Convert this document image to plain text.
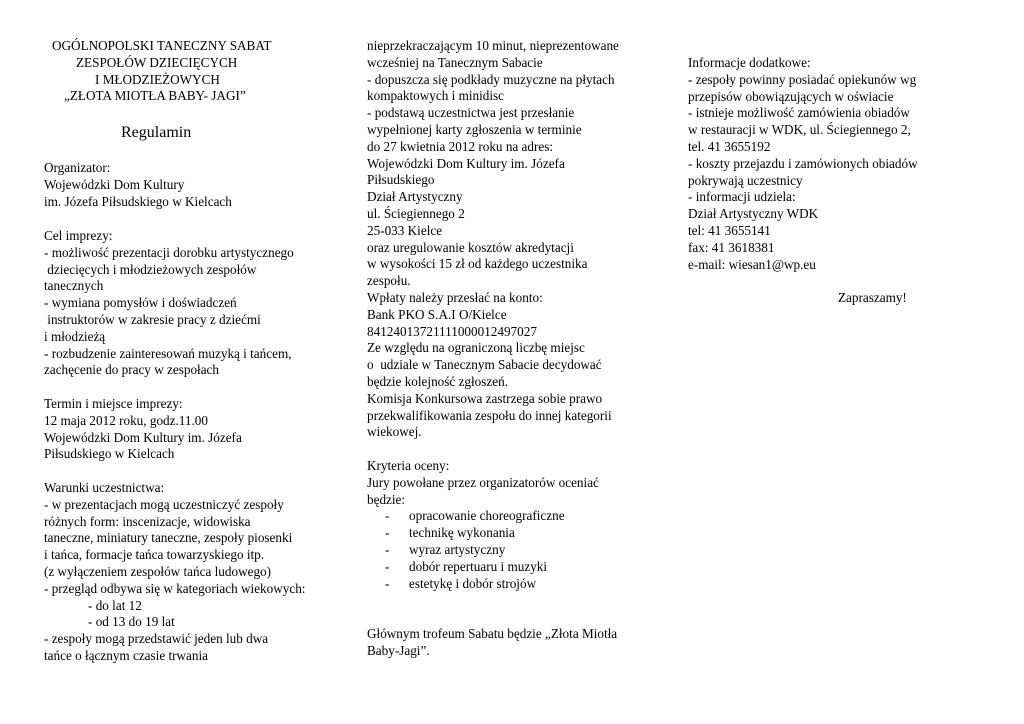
OGÓLNOPOLSKI TANECZNY SABAT
ZESPOŁÓW DZIECIĘCYCH
I MŁODZIEŻOWYCH
„ZŁOTA MIOTŁA BABY- JAGI”
Regulamin
Organizator:
Wojewódzki Dom Kultury
im. Józefa Piłsudskiego w Kielcach
Cel imprezy:
- możliwość prezentacji dorobku artystycznego
dziecięcych i młodzieżowych zespołów
tanecznych
- wymiana pomysłów i doświadczeń
instruktorów w zakresie pracy z dziećmi
i młodzieżą
- rozbudzenie zainteresowań muzyką i tańcem,
zachęcenie do pracy w zespołach
Termin i miejsce imprezy:
12 maja 2012 roku, godz.11.00
Wojewódzki Dom Kultury im. Józefa
Piłsudskiego w Kielcach
Warunki uczestnictwa:
- w prezentacjach mogą uczestniczyć zespoły
różnych form: inscenizacje, widowiska
taneczne, miniatury taneczne, zespoły piosenki
i tańca, formacje tańca towarzyskiego itp.
(z wyłączeniem zespołów tańca ludowego)
- przegląd odbywa się w kategoriach wiekowych:
- do lat 12
- od 13 do 19 lat
- zespoły mogą przedstawić jeden lub dwa
tańce o łącznym czasie trwania
nieprzekraczającym 10 minut, nieprezentowane
wcześniej na Tanecznym Sabacie
- dopuszcza się podkłady muzyczne na płytach
kompaktowych i minidisc
- podstawą uczestnictwa jest przesłanie
wypełnionej karty zgłoszenia w terminie
do 27 kwietnia 2012 roku na adres:
Wojewódzki Dom Kultury im. Józefa
Piłsudskiego
Dział Artystyczny
ul. Ściegiennego 2
25-033 Kielce
oraz uregulowanie kosztów akredytacji
w wysokości 15 zł od każdego uczestnika
zespołu.
Wpłaty należy przesłać na konto:
Bank PKO S.A.I O/Kielce
84124013721111000012497027
Ze względu na ograniczoną liczbę miejsc
o  udziale w Tanecznym Sabacie decydować
będzie kolejność zgłoszeń.
Komisja Konkursowa zastrzega sobie prawo
przekwalifikowania zespołu do innej kategorii
wiekowej.
Kryteria oceny:
Jury powołane przez organizatorów oceniać
będzie:
- opracowanie choreograficzne
- technikę wykonania
- wyraz artystyczny
- dobór repertuaru i muzyki
- estetykę i dobór strojów
Głównym trofeum Sabatu będzie „Złota Miotła
Baby-Jagi”.
Informacje dodatkowe:
- zespoły powinny posiadać opiekunów wg
przepisów obowiązujących w oświacie
- istnieje możliwość zamówienia obiadów
w restauracji w WDK, ul. Ściegiennego 2,
tel. 41 3655192
- koszty przejazdu i zamówionych obiadów
pokrywają uczestnicy
- informacji udziela:
Dział Artystyczny WDK
tel: 41 3655141
fax: 41 3618381
e-mail: wiesan1@wp.eu
Zapraszamy!
